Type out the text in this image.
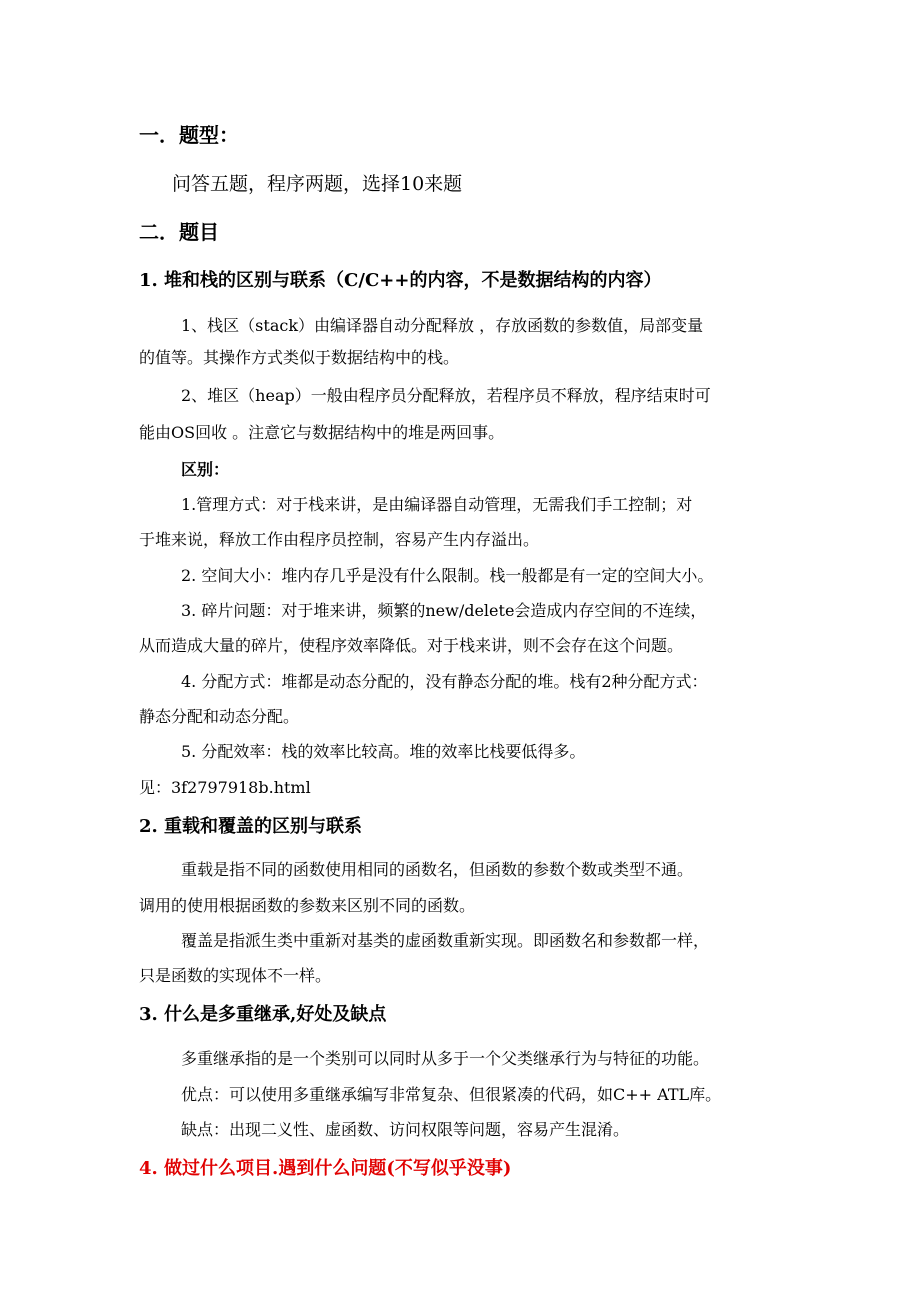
一．题型：
问答五题，程序两题，选择10来题
二．题目
1. 堆和栈的区别与联系（C/C++的内容，不是数据结构的内容）
1、栈区（stack）由编译器自动分配释放 ，存放函数的参数值，局部变量
的值等。其操作方式类似于数据结构中的栈。
2、堆区（heap）一般由程序员分配释放，若程序员不释放，程序结束时可
能由OS回收 。注意它与数据结构中的堆是两回事。
区别：
1.管理方式：对于栈来讲，是由编译器自动管理，无需我们手工控制；对
于堆来说，释放工作由程序员控制，容易产生内存溢出。
2. 空间大小：堆内存几乎是没有什么限制。栈一般都是有一定的空间大小。
3. 碎片问题：对于堆来讲，频繁的new/delete会造成内存空间的不连续，
从而造成大量的碎片，使程序效率降低。对于栈来讲，则不会存在这个问题。
4. 分配方式：堆都是动态分配的，没有静态分配的堆。栈有2种分配方式：
静态分配和动态分配。
5. 分配效率：栈的效率比较高。堆的效率比栈要低得多。
见：3f2797918b.html
2. 重载和覆盖的区别与联系
重载是指不同的函数使用相同的函数名，但函数的参数个数或类型不通。
调用的使用根据函数的参数来区别不同的函数。
覆盖是指派生类中重新对基类的虚函数重新实现。即函数名和参数都一样，
只是函数的实现体不一样。
3. 什么是多重继承,好处及缺点
多重继承指的是一个类别可以同时从多于一个父类继承行为与特征的功能。
优点：可以使用多重继承编写非常复杂、但很紧凑的代码，如C++ ATL库。
缺点：出现二义性、虚函数、访问权限等问题，容易产生混淆。
4. 做过什么项目.遇到什么问题(不写似乎没事)
